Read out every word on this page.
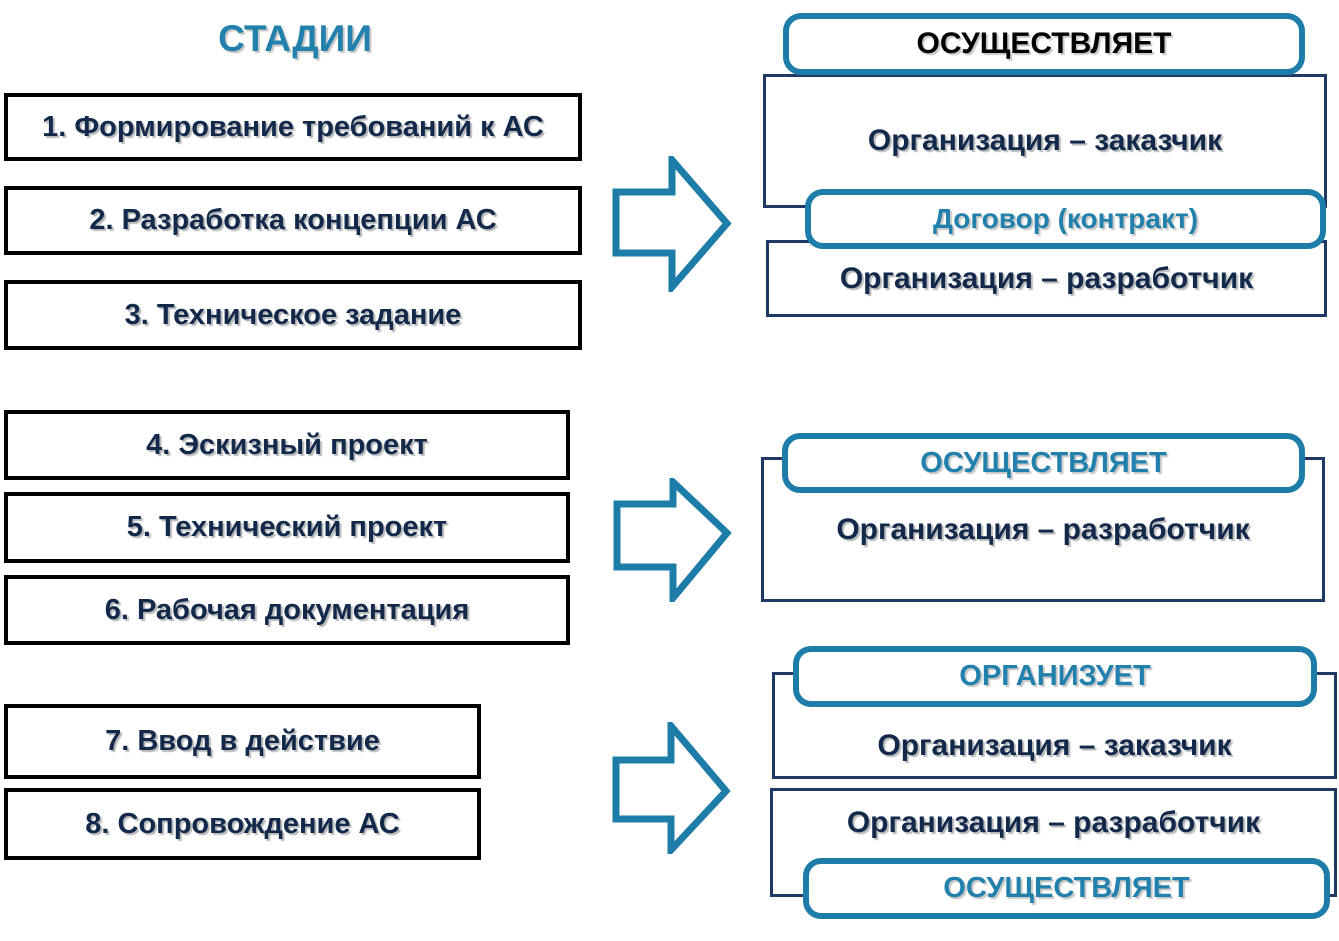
СТАДИИ
1. Формирование требований к АС
2. Разработка концепции АС
3. Техническое задание
4. Эскизный проект
5. Технический проект
6. Рабочая документация
7. Ввод в действие
8. Сопровождение АС
Организация – заказчик
Организация – разработчик
ОСУЩЕСТВЛЯЕТ
Договор (контракт)
Организация – разработчик
ОСУЩЕСТВЛЯЕТ
Организация – заказчик
ОРГАНИЗУЕТ
Организация – разработчик
ОСУЩЕСТВЛЯЕТ
